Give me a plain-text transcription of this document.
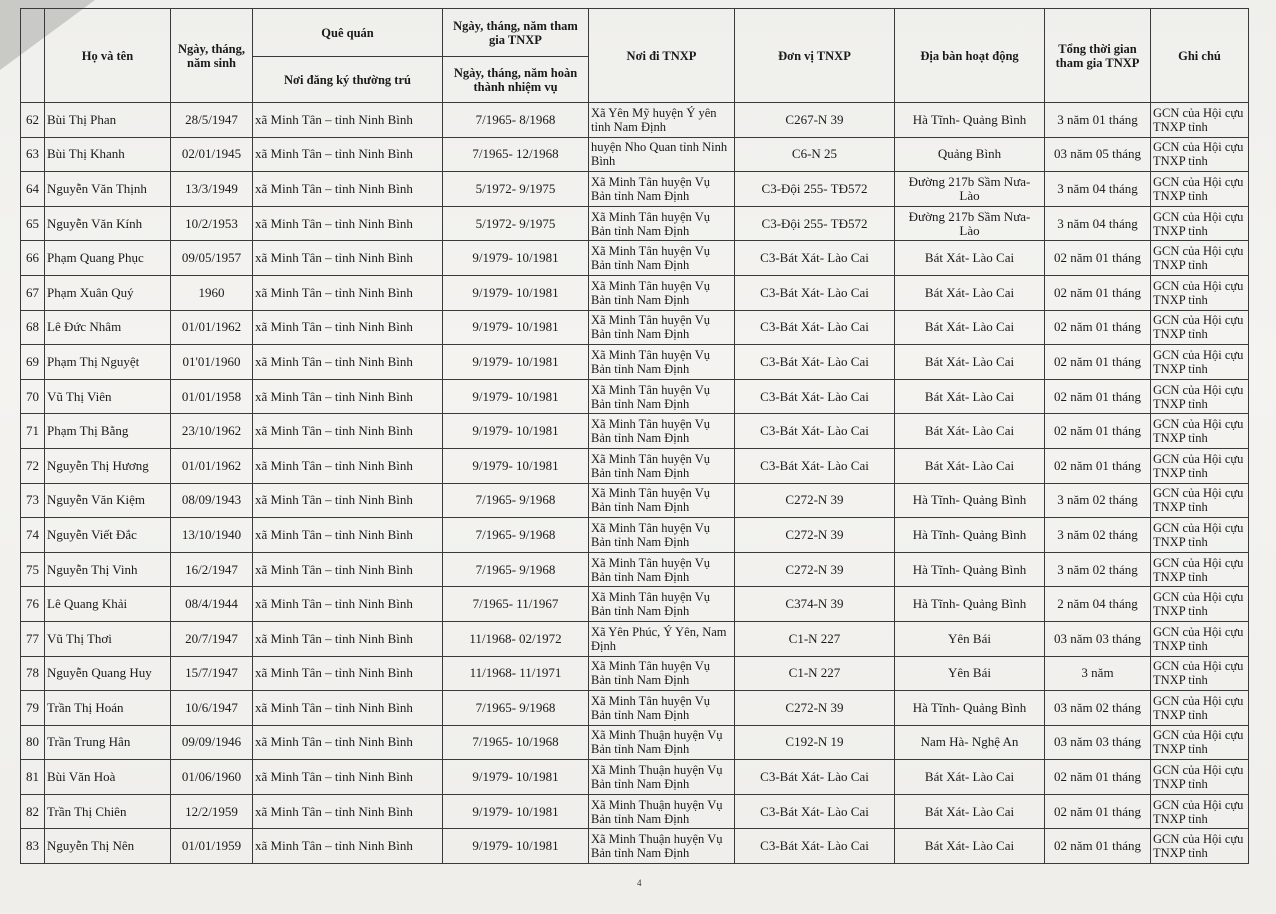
	Họ và tên	Ngày, tháng, năm sinh	Quê quán	Ngày, tháng, năm tham gia TNXP	Nơi đi TNXP	Đơn vị TNXP	Địa bàn hoạt động	Tổng thời gian tham gia TNXP	Ghi chú
			Nơi đăng ký thường trú	Ngày, tháng, năm hoàn thành nhiệm vụ					
62	Bùi Thị Phan	28/5/1947	xã Minh Tân – tỉnh Ninh Bình	7/1965- 8/1968	Xã Yên Mỹ huyện Ý yên tỉnh Nam Định	C267-N 39	Hà Tĩnh- Quảng Bình	3 năm 01 tháng	GCN của Hội cựu TNXP tỉnh
63	Bùi Thị Khanh	02/01/1945	xã Minh Tân – tỉnh Ninh Bình	7/1965- 12/1968	huyện Nho Quan tỉnh Ninh Bình	C6-N 25	Quảng Bình	03 năm 05 tháng	GCN của Hội cựu TNXP tỉnh
64	Nguyễn Văn Thịnh	13/3/1949	xã Minh Tân – tỉnh Ninh Bình	5/1972- 9/1975	Xã Minh Tân huyện Vụ Bản tỉnh Nam Định	C3-Đội 255- TĐ572	Đường 217b Sầm Nưa- Lào	3 năm 04 tháng	GCN của Hội cựu TNXP tỉnh
65	Nguyễn Văn Kính	10/2/1953	xã Minh Tân – tỉnh Ninh Bình	5/1972- 9/1975	Xã Minh Tân huyện Vụ Bản tỉnh Nam Định	C3-Đội 255- TĐ572	Đường 217b Sầm Nưa- Lào	3 năm 04 tháng	GCN của Hội cựu TNXP tỉnh
66	Phạm Quang Phục	09/05/1957	xã Minh Tân – tỉnh Ninh Bình	9/1979- 10/1981	Xã Minh Tân huyện Vụ Bản tỉnh Nam Định	C3-Bát Xát- Lào Cai	Bát Xát- Lào Cai	02 năm 01 tháng	GCN của Hội cựu TNXP tỉnh
67	Phạm Xuân Quý	1960	xã Minh Tân – tỉnh Ninh Bình	9/1979- 10/1981	Xã Minh Tân huyện Vụ Bản tỉnh Nam Định	C3-Bát Xát- Lào Cai	Bát Xát- Lào Cai	02 năm 01 tháng	GCN của Hội cựu TNXP tỉnh
68	Lê Đức Nhâm	01/01/1962	xã Minh Tân – tỉnh Ninh Bình	9/1979- 10/1981	Xã Minh Tân huyện Vụ Bản tỉnh Nam Định	C3-Bát Xát- Lào Cai	Bát Xát- Lào Cai	02 năm 01 tháng	GCN của Hội cựu TNXP tỉnh
69	Phạm Thị Nguyệt	01'01/1960	xã Minh Tân – tỉnh Ninh Bình	9/1979- 10/1981	Xã Minh Tân huyện Vụ Bản tỉnh Nam Định	C3-Bát Xát- Lào Cai	Bát Xát- Lào Cai	02 năm 01 tháng	GCN của Hội cựu TNXP tỉnh
70	Vũ Thị Viên	01/01/1958	xã Minh Tân – tỉnh Ninh Bình	9/1979- 10/1981	Xã Minh Tân huyện Vụ Bản tỉnh Nam Định	C3-Bát Xát- Lào Cai	Bát Xát- Lào Cai	02 năm 01 tháng	GCN của Hội cựu TNXP tỉnh
71	Phạm Thị Bằng	23/10/1962	xã Minh Tân – tỉnh Ninh Bình	9/1979- 10/1981	Xã Minh Tân huyện Vụ Bản tỉnh Nam Định	C3-Bát Xát- Lào Cai	Bát Xát- Lào Cai	02 năm 01 tháng	GCN của Hội cựu TNXP tỉnh
72	Nguyễn Thị Hương	01/01/1962	xã Minh Tân – tỉnh Ninh Bình	9/1979- 10/1981	Xã Minh Tân huyện Vụ Bản tỉnh Nam Định	C3-Bát Xát- Lào Cai	Bát Xát- Lào Cai	02 năm 01 tháng	GCN của Hội cựu TNXP tỉnh
73	Nguyễn Văn Kiệm	08/09/1943	xã Minh Tân – tỉnh Ninh Bình	7/1965- 9/1968	Xã Minh Tân huyện Vụ Bản tỉnh Nam Định	C272-N 39	Hà Tĩnh- Quảng Bình	3 năm 02 tháng	GCN của Hội cựu TNXP tỉnh
74	Nguyễn Viết Đắc	13/10/1940	xã Minh Tân – tỉnh Ninh Bình	7/1965- 9/1968	Xã Minh Tân huyện Vụ Bản tỉnh Nam Định	C272-N 39	Hà Tĩnh- Quảng Bình	3 năm 02 tháng	GCN của Hội cựu TNXP tỉnh
75	Nguyễn Thị Vinh	16/2/1947	xã Minh Tân – tỉnh Ninh Bình	7/1965- 9/1968	Xã Minh Tân huyện Vụ Bản tỉnh Nam Định	C272-N 39	Hà Tĩnh- Quảng Bình	3 năm 02 tháng	GCN của Hội cựu TNXP tỉnh
76	Lê Quang Khải	08/4/1944	xã Minh Tân – tỉnh Ninh Bình	7/1965- 11/1967	Xã Minh Tân huyện Vụ Bản tỉnh Nam Định	C374-N 39	Hà Tĩnh- Quảng Bình	2 năm 04 tháng	GCN của Hội cựu TNXP tỉnh
77	Vũ Thị Thơi	20/7/1947	xã Minh Tân – tỉnh Ninh Bình	11/1968- 02/1972	Xã Yên Phúc, Ý Yên, Nam Định	C1-N 227	Yên Bái	03 năm 03 tháng	GCN của Hội cựu TNXP tỉnh
78	Nguyễn Quang Huy	15/7/1947	xã Minh Tân – tỉnh Ninh Bình	11/1968- 11/1971	Xã Minh Tân huyện Vụ Bản tỉnh Nam Định	C1-N 227	Yên Bái	3 năm	GCN của Hội cựu TNXP tỉnh
79	Trần Thị Hoán	10/6/1947	xã Minh Tân – tỉnh Ninh Bình	7/1965- 9/1968	Xã Minh Tân huyện Vụ Bản tỉnh Nam Định	C272-N 39	Hà Tĩnh- Quảng Bình	03 năm 02 tháng	GCN của Hội cựu TNXP tỉnh
80	Trần Trung Hân	09/09/1946	xã Minh Tân – tỉnh Ninh Bình	7/1965- 10/1968	Xã Minh Thuận huyện Vụ Bản tỉnh Nam Định	C192-N 19	Nam Hà- Nghệ An	03 năm 03 tháng	GCN của Hội cựu TNXP tỉnh
81	Bùi Văn Hoà	01/06/1960	xã Minh Tân – tỉnh Ninh Bình	9/1979- 10/1981	Xã Minh Thuận huyện Vụ Bản tỉnh Nam Định	C3-Bát Xát- Lào Cai	Bát Xát- Lào Cai	02 năm 01 tháng	GCN của Hội cựu TNXP tỉnh
82	Trần Thị Chiên	12/2/1959	xã Minh Tân – tỉnh Ninh Bình	9/1979- 10/1981	Xã Minh Thuận huyện Vụ Bản tỉnh Nam Định	C3-Bát Xát- Lào Cai	Bát Xát- Lào Cai	02 năm 01 tháng	GCN của Hội cựu TNXP tỉnh
83	Nguyễn Thị Nên	01/01/1959	xã Minh Tân – tỉnh Ninh Bình	9/1979- 10/1981	Xã Minh Thuận huyện Vụ Bản tỉnh Nam Định	C3-Bát Xát- Lào Cai	Bát Xát- Lào Cai	02 năm 01 tháng	GCN của Hội cựu TNXP tỉnh
4
